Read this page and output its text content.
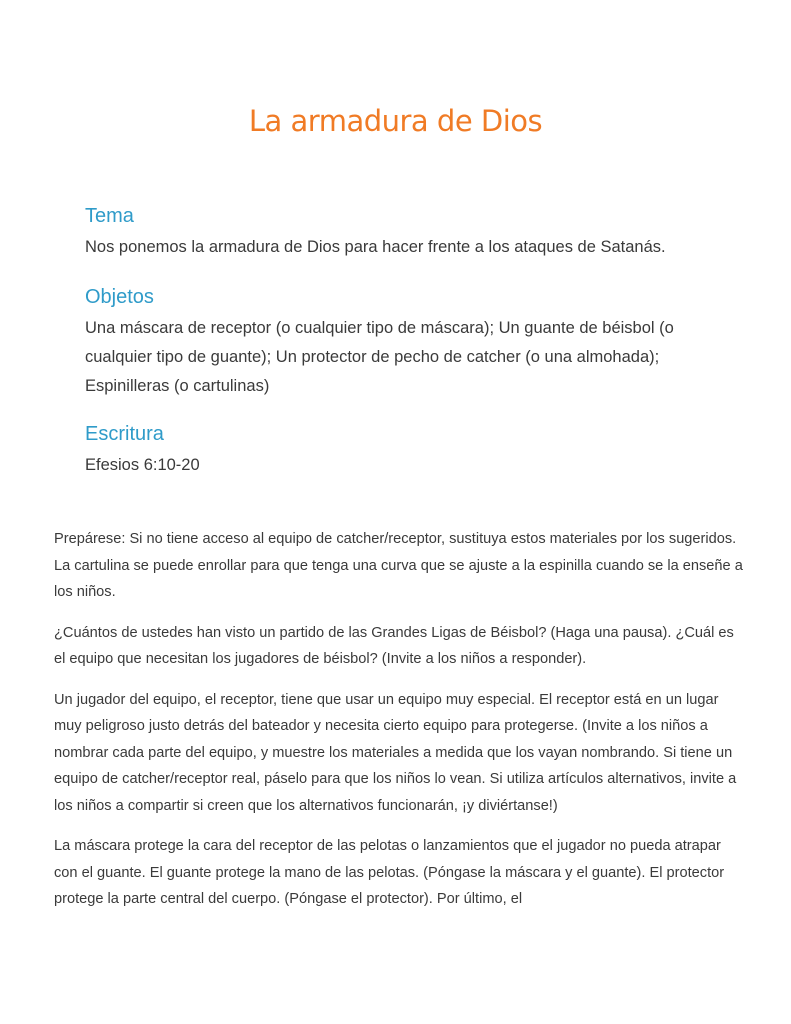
La armadura de Dios
Tema

Nos ponemos la armadura de Dios para hacer frente a los ataques de Satanás.

Objetos

Una máscara de receptor (o cualquier tipo de máscara); Un guante de béisbol (o cualquier tipo de guante); Un protector de pecho de catcher (o una almohada); Espinilleras (o cartulinas)

Escritura

Efesios 6:10-20

Prepárese: Si no tiene acceso al equipo de catcher/receptor, sustituya estos materiales por los sugeridos. La cartulina se puede enrollar para que tenga una curva que se ajuste a la espinilla cuando se la enseñe a los niños.

¿Cuántos de ustedes han visto un partido de las Grandes Ligas de Béisbol? (Haga una pausa). ¿Cuál es el equipo que necesitan los jugadores de béisbol? (Invite a los niños a responder).

Un jugador del equipo, el receptor, tiene que usar un equipo muy especial. El receptor está en un lugar muy peligroso justo detrás del bateador y necesita cierto equipo para protegerse. (Invite a los niños a nombrar cada parte del equipo, y muestre los materiales a medida que los vayan nombrando. Si tiene un equipo de catcher/receptor real, páselo para que los niños lo vean. Si utiliza artículos alternativos, invite a los niños a compartir si creen que los alternativos funcionarán, ¡y diviértanse!)

La máscara protege la cara del receptor de las pelotas o lanzamientos que el jugador no pueda atrapar con el guante. El guante protege la mano de las pelotas. (Póngase la máscara y el guante). El protector protege la parte central del cuerpo. (Póngase el protector). Por último, el
